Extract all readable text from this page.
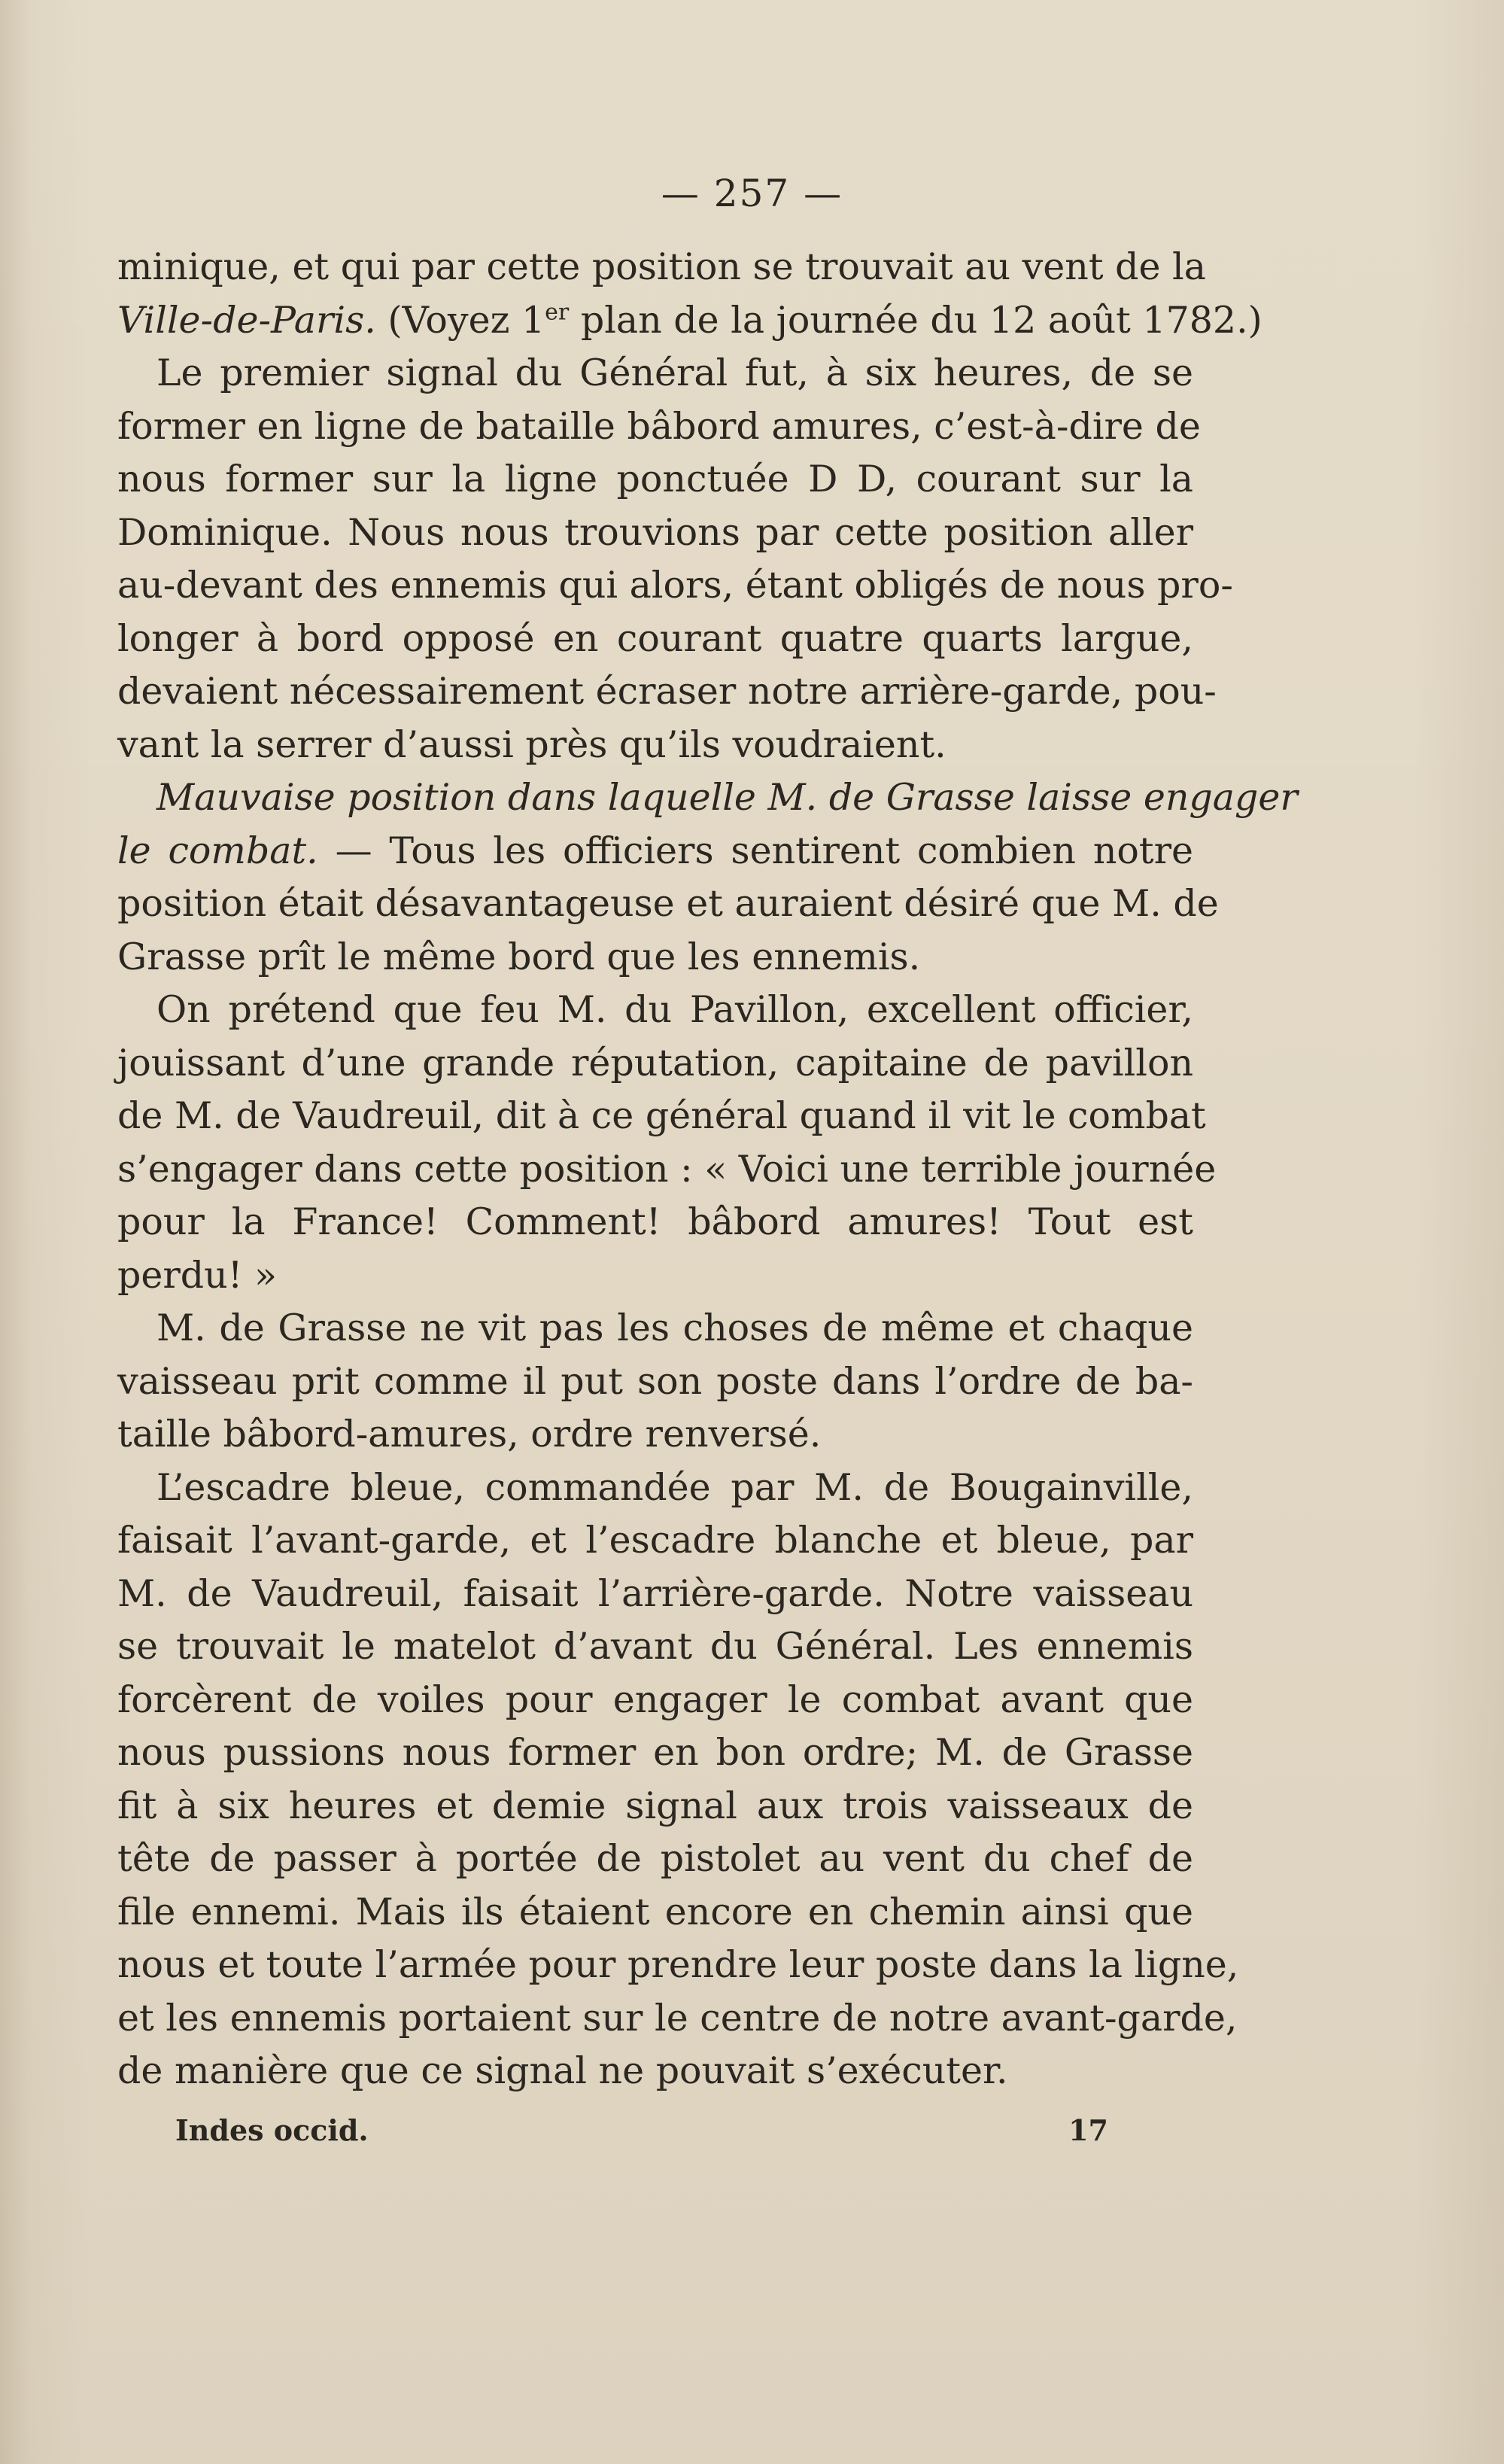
— 257 —
minique, et qui par cette position se trouvait au vent de la
Ville-de-Paris. (Voyez 1er plan de la journée du 12 août 1782.)
Le premier signal du Général fut, à six heures, de se
former en ligne de bataille bâbord amures, c’est-à-dire de
nous former sur la ligne ponctuée D D, courant sur la
Dominique. Nous nous trouvions par cette position aller
au-devant des ennemis qui alors, étant obligés de nous pro-
longer à bord opposé en courant quatre quarts largue,
devaient nécessairement écraser notre arrière-garde, pou-
vant la serrer d’aussi près qu’ils voudraient.
Mauvaise position dans laquelle M. de Grasse laisse engager
le combat. — Tous les officiers sentirent combien notre
position était désavantageuse et auraient désiré que M. de
Grasse prît le même bord que les ennemis.
On prétend que feu M. du Pavillon, excellent officier,
jouissant d’une grande réputation, capitaine de pavillon
de M. de Vaudreuil, dit à ce général quand il vit le combat
s’engager dans cette position : « Voici une terrible journée
pour la France! Comment! bâbord amures! Tout est
perdu! »
M. de Grasse ne vit pas les choses de même et chaque
vaisseau prit comme il put son poste dans l’ordre de ba-
taille bâbord-amures, ordre renversé.
L’escadre bleue, commandée par M. de Bougainville,
faisait l’avant-garde, et l’escadre blanche et bleue, par
M. de Vaudreuil, faisait l’arrière-garde. Notre vaisseau
se trouvait le matelot d’avant du Général. Les ennemis
forcèrent de voiles pour engager le combat avant que
nous pussions nous former en bon ordre; M. de Grasse
fit à six heures et demie signal aux trois vaisseaux de
tête de passer à portée de pistolet au vent du chef de
file ennemi. Mais ils étaient encore en chemin ainsi que
nous et toute l’armée pour prendre leur poste dans la ligne,
et les ennemis portaient sur le centre de notre avant-garde,
de manière que ce signal ne pouvait s’exécuter.
Indes occid.	17
